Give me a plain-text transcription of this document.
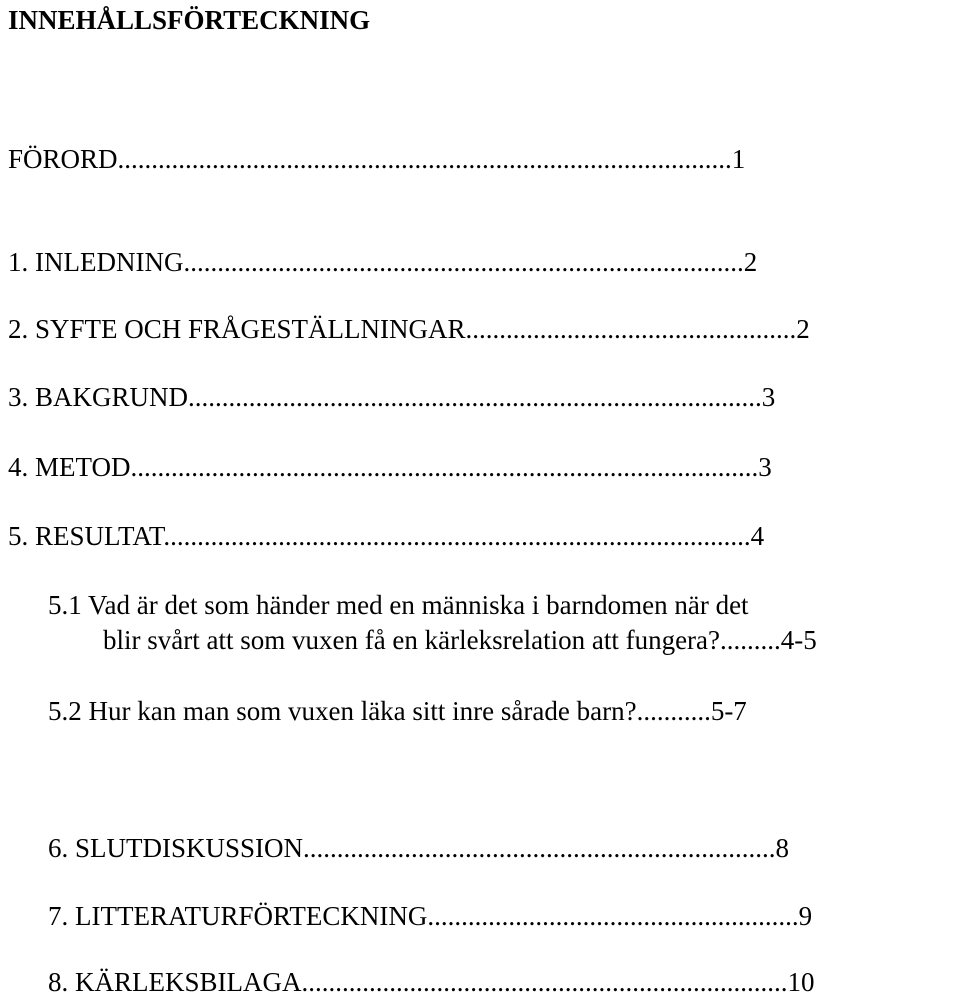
INNEHÅLLSFÖRTECKNING

FÖRORD...........................................................................................1

1. INLEDNING...................................................................................2

2. SYFTE OCH FRÅGESTÄLLNINGAR.................................................2

3. BAKGRUND.....................................................................................3

4. METOD.............................................................................................3

5. RESULTAT.......................................................................................4

5.1 Vad är det som händer med en människa i barndomen när det

blir svårt att som vuxen få en kärleksrelation att fungera?.........4-5

5.2 Hur kan man som vuxen läka sitt inre sårade barn?...........5-7

6. SLUTDISKUSSION......................................................................8

7. LITTERATURFÖRTECKNING.......................................................9

8. KÄRLEKSBILAGA........................................................................10
